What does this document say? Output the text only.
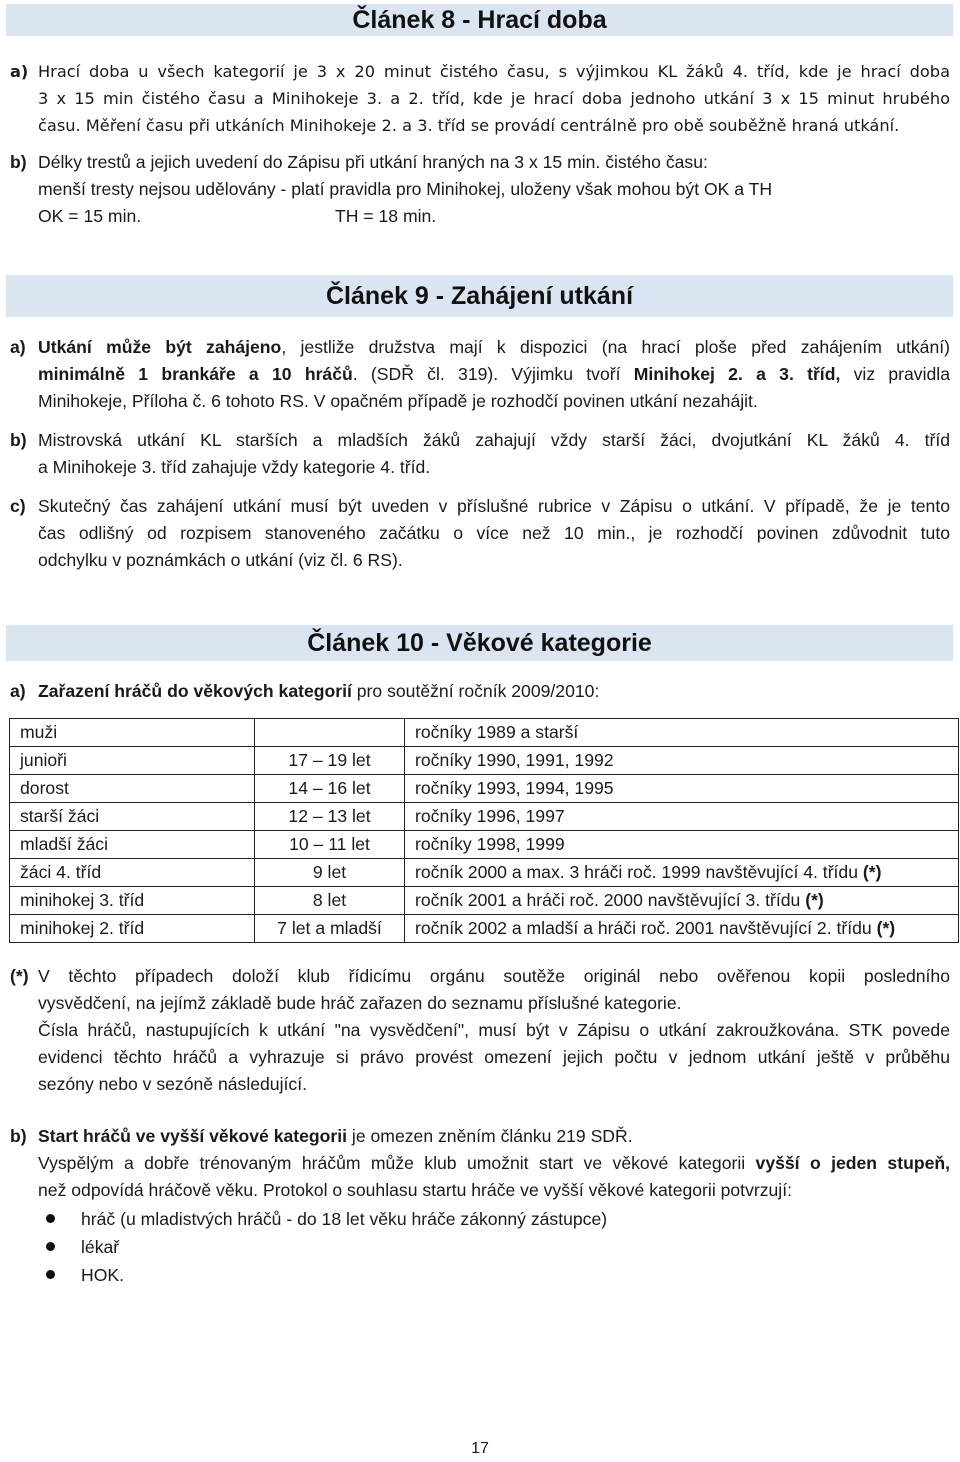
Článek 8 - Hrací doba
a) Hrací doba u všech kategorií je 3 x 20 minut čistého času, s výjimkou KL žáků 4. tříd, kde je hrací doba
3 x 15 min čistého času a Minihokeje 3. a 2. tříd, kde je hrací doba jednoho utkání 3 x 15 minut hrubého
času. Měření času při utkáních Minihokeje 2. a 3. tříd se provádí centrálně pro obě souběžně hraná utkání.
b) Délky trestů a jejich uvedení do Zápisu při utkání hraných na 3 x 15 min. čistého času:
menší tresty nejsou udělovány - platí pravidla pro Minihokej, uloženy však mohou být OK a TH
OK = 15 min.	TH = 18 min.
Článek 9 - Zahájení utkání
a) Utkání může být zahájeno, jestliže družstva mají k dispozici (na hrací ploše před zahájením utkání)
minimálně 1 brankáře a 10 hráčů. (SDŘ čl. 319). Výjimku tvoří Minihokej 2. a 3. tříd, viz pravidla
Minihokeje, Příloha č. 6 tohoto RS. V opačném případě je rozhodčí povinen utkání nezahájit.
b) Mistrovská utkání KL starších a mladších žáků zahajují vždy starší žáci, dvojutkání KL žáků 4. tříd
a Minihokeje 3. tříd zahajuje vždy kategorie 4. tříd.
c) Skutečný čas zahájení utkání musí být uveden v příslušné rubrice v Zápisu o utkání. V případě, že je tento
čas odlišný od rozpisem stanoveného začátku o více než 10 min., je rozhodčí povinen zdůvodnit tuto
odchylku v poznámkách o utkání (viz čl. 6 RS).
Článek 10 - Věkové kategorie
a) Zařazení hráčů do věkových kategorií pro soutěžní ročník 2009/2010:
muži		ročníky 1989 a starší
junioři	17 – 19 let	ročníky 1990, 1991, 1992
dorost	14 – 16 let	ročníky 1993, 1994, 1995
starší žáci	12 – 13 let	ročníky 1996, 1997
mladší žáci	10 – 11 let	ročníky 1998, 1999
žáci 4. tříd	9 let	ročník 2000 a max. 3 hráči roč. 1999 navštěvující 4. třídu (*)
minihokej 3. tříd	8 let	ročník 2001 a hráči roč. 2000 navštěvující 3. třídu (*)
minihokej 2. tříd	7 let a mladší	ročník 2002 a mladší a hráči roč. 2001 navštěvující 2. třídu (*)
(*) V těchto případech doloží klub řídicímu orgánu soutěže originál nebo ověřenou kopii posledního
vysvědčení, na jejímž základě bude hráč zařazen do seznamu příslušné kategorie.
Čísla hráčů, nastupujících k utkání "na vysvědčení", musí být v Zápisu o utkání zakroužkována. STK povede
evidenci těchto hráčů a vyhrazuje si právo provést omezení jejich počtu v jednom utkání ještě v průběhu
sezóny nebo v sezóně následující.
b) Start hráčů ve vyšší věkové kategorii je omezen zněním článku 219 SDŘ.
Vyspělým a dobře trénovaným hráčům může klub umožnit start ve věkové kategorii vyšší o jeden stupeň,
než odpovídá hráčově věku. Protokol o souhlasu startu hráče ve vyšší věkové kategorii potvrzují:
hráč (u mladistvých hráčů - do 18 let věku hráče zákonný zástupce)
lékař
HOK.
17
